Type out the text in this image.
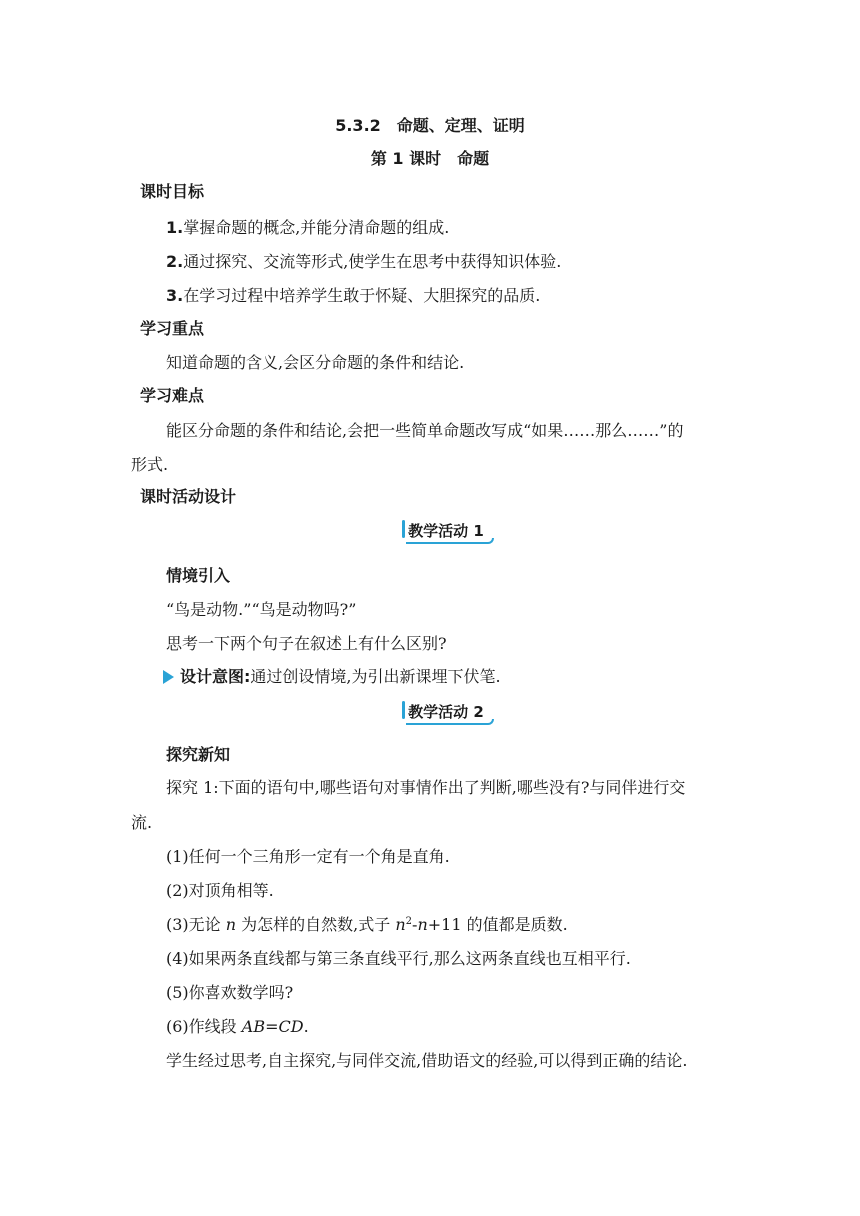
5.3.2　命题、定理、证明
第 1 课时　命题
课时目标
1.掌握命题的概念,并能分清命题的组成.
2.通过探究、交流等形式,使学生在思考中获得知识体验.
3.在学习过程中培养学生敢于怀疑、大胆探究的品质.
学习重点
知道命题的含义,会区分命题的条件和结论.
学习难点
能区分命题的条件和结论,会把一些简单命题改写成“如果……那么……”的
形式.
课时活动设计
教学活动 1
情境引入
“鸟是动物.”“鸟是动物吗?”
思考一下两个句子在叙述上有什么区别?
设计意图:通过创设情境,为引出新课埋下伏笔.
教学活动 2
探究新知
探究 1:下面的语句中,哪些语句对事情作出了判断,哪些没有?与同伴进行交
流.
(1)任何一个三角形一定有一个角是直角.
(2)对顶角相等.
(3)无论 n 为怎样的自然数,式子 $n^2-n+11$ 的值都是质数.
(4)如果两条直线都与第三条直线平行,那么这两条直线也互相平行.
(5)你喜欢数学吗?
(6)作线段 AB=CD.
学生经过思考,自主探究,与同伴交流,借助语文的经验,可以得到正确的结论.
